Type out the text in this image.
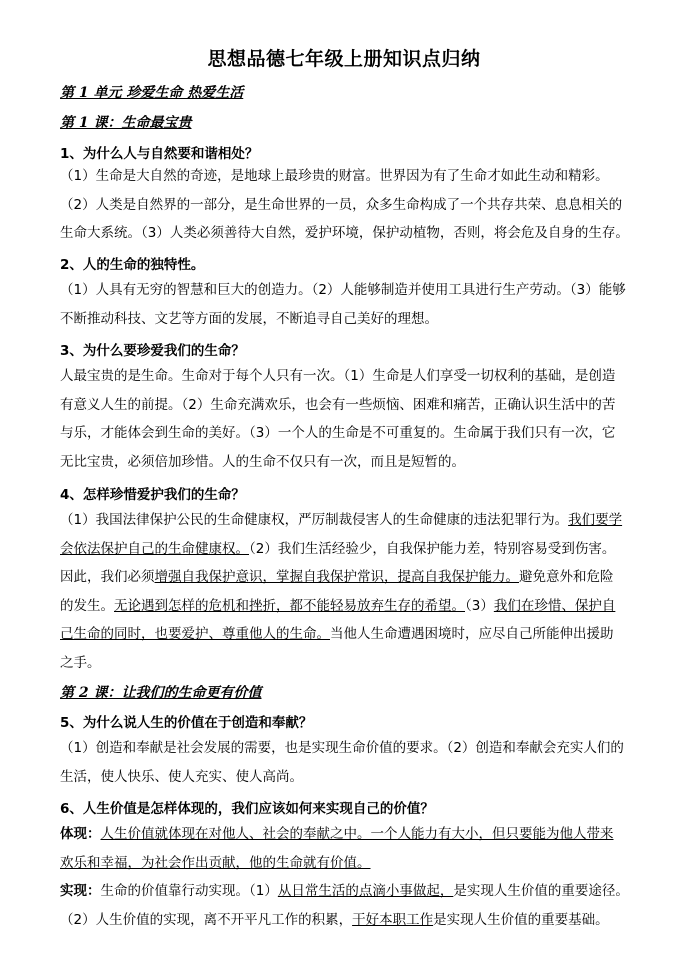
思想品德七年级上册知识点归纳
第 1 单元 珍爱生命 热爱生活
第 1 课：生命最宝贵
1、为什么人与自然要和谐相处？
（1）生命是大自然的奇迹，是地球上最珍贵的财富。世界因为有了生命才如此生动和精彩。
（2）人类是自然界的一部分，是生命世界的一员，众多生命构成了一个共存共荣、息息相关的
生命大系统。（3）人类必须善待大自然，爱护环境，保护动植物，否则，将会危及自身的生存。
2、人的生命的独特性。
（1）人具有无穷的智慧和巨大的创造力。（2）人能够制造并使用工具进行生产劳动。（3）能够
不断推动科技、文艺等方面的发展，不断追寻自己美好的理想。
3、为什么要珍爱我们的生命？
人最宝贵的是生命。生命对于每个人只有一次。（1）生命是人们享受一切权利的基础，是创造
有意义人生的前提。（2）生命充满欢乐，也会有一些烦恼、困难和痛苦，正确认识生活中的苦
与乐，才能体会到生命的美好。（3）一个人的生命是不可重复的。生命属于我们只有一次，它
无比宝贵，必须倍加珍惜。人的生命不仅只有一次，而且是短暂的。
4、怎样珍惜爱护我们的生命？
（1）我国法律保护公民的生命健康权，严厉制裁侵害人的生命健康的违法犯罪行为。我们要学
会依法保护自己的生命健康权。（2）我们生活经验少，自我保护能力差，特别容易受到伤害。
因此，我们必须增强自我保护意识，掌握自我保护常识，提高自我保护能力。避免意外和危险
的发生。无论遇到怎样的危机和挫折，都不能轻易放弃生存的希望。（3）我们在珍惜、保护自
己生命的同时，也要爱护、尊重他人的生命。当他人生命遭遇困境时，应尽自己所能伸出援助
之手。
第 2 课：让我们的生命更有价值
5、为什么说人生的价值在于创造和奉献？
（1）创造和奉献是社会发展的需要，也是实现生命价值的要求。（2）创造和奉献会充实人们的
生活，使人快乐、使人充实、使人高尚。
6、人生价值是怎样体现的，我们应该如何来实现自己的价值？
体现：人生价值就体现在对他人、社会的奉献之中。一个人能力有大小，但只要能为他人带来
欢乐和幸福，为社会作出贡献，他的生命就有价值。
实现：生命的价值靠行动实现。（1）从日常生活的点滴小事做起，是实现人生价值的重要途径。
（2）人生价值的实现，离不开平凡工作的积累，干好本职工作是实现人生价值的重要基础。
